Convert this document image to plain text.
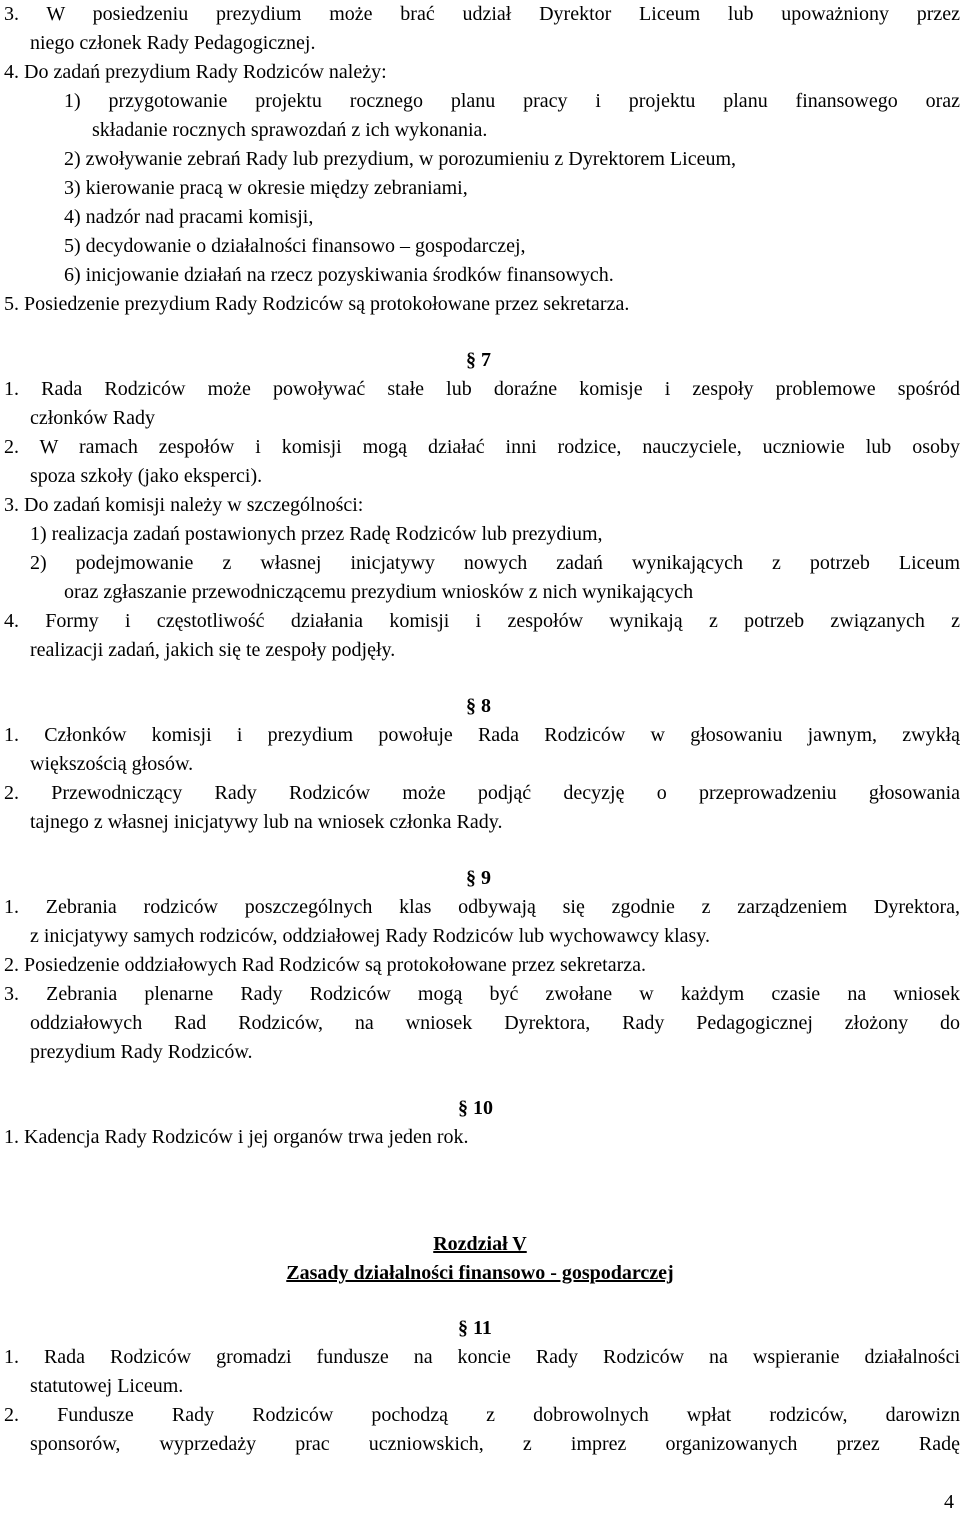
3. W posiedzeniu prezydium może brać udział Dyrektor Liceum lub upoważniony przez
niego członek Rady Pedagogicznej.
4. Do zadań prezydium Rady Rodziców należy:
1) przygotowanie projektu rocznego planu pracy i projektu planu finansowego oraz
składanie rocznych sprawozdań z ich wykonania.
2) zwoływanie zebrań Rady lub prezydium, w porozumieniu z Dyrektorem Liceum,
3) kierowanie pracą w okresie między zebraniami,
4) nadzór nad pracami komisji,
5) decydowanie o działalności finansowo – gospodarczej,
6) inicjowanie działań na rzecz pozyskiwania środków finansowych.
5. Posiedzenie prezydium Rady Rodziców są protokołowane przez sekretarza.
§ 7
1. Rada Rodziców może powoływać stałe lub doraźne komisje i zespoły problemowe spośród
członków Rady
2. W ramach zespołów i komisji mogą działać inni rodzice, nauczyciele, uczniowie lub osoby
spoza szkoły (jako eksperci).
3. Do zadań komisji należy w szczególności:
1) realizacja zadań postawionych przez Radę Rodziców lub prezydium,
2) podejmowanie z własnej inicjatywy nowych zadań wynikających z potrzeb Liceum
oraz zgłaszanie przewodniczącemu prezydium wniosków z nich wynikających
4. Formy i częstotliwość działania komisji i zespołów wynikają z potrzeb związanych z
realizacji zadań, jakich się te zespoły podjęły.
§ 8
1. Członków komisji i prezydium powołuje Rada Rodziców w głosowaniu jawnym, zwykłą
większością głosów.
2. Przewodniczący Rady Rodziców może podjąć decyzję o przeprowadzeniu głosowania
tajnego z własnej inicjatywy lub na wniosek członka Rady.
§ 9
1. Zebrania rodziców poszczególnych klas odbywają się zgodnie z zarządzeniem Dyrektora,
z inicjatywy samych rodziców, oddziałowej Rady Rodziców lub wychowawcy klasy.
2. Posiedzenie oddziałowych Rad Rodziców są protokołowane przez sekretarza.
3. Zebrania plenarne Rady Rodziców mogą być zwołane w każdym czasie na wniosek
oddziałowych Rad Rodziców, na wniosek Dyrektora, Rady Pedagogicznej złożony do
prezydium Rady Rodziców.
§ 10
1. Kadencja Rady Rodziców i jej organów trwa jeden rok.
Rozdział V
Zasady działalności finansowo - gospodarczej
§ 11
1. Rada Rodziców gromadzi fundusze na koncie Rady Rodziców na wspieranie działalności
statutowej Liceum.
2. Fundusze Rady Rodziców pochodzą z dobrowolnych wpłat rodziców, darowizn
sponsorów, wyprzedaży prac uczniowskich, z imprez organizowanych przez Radę
4
